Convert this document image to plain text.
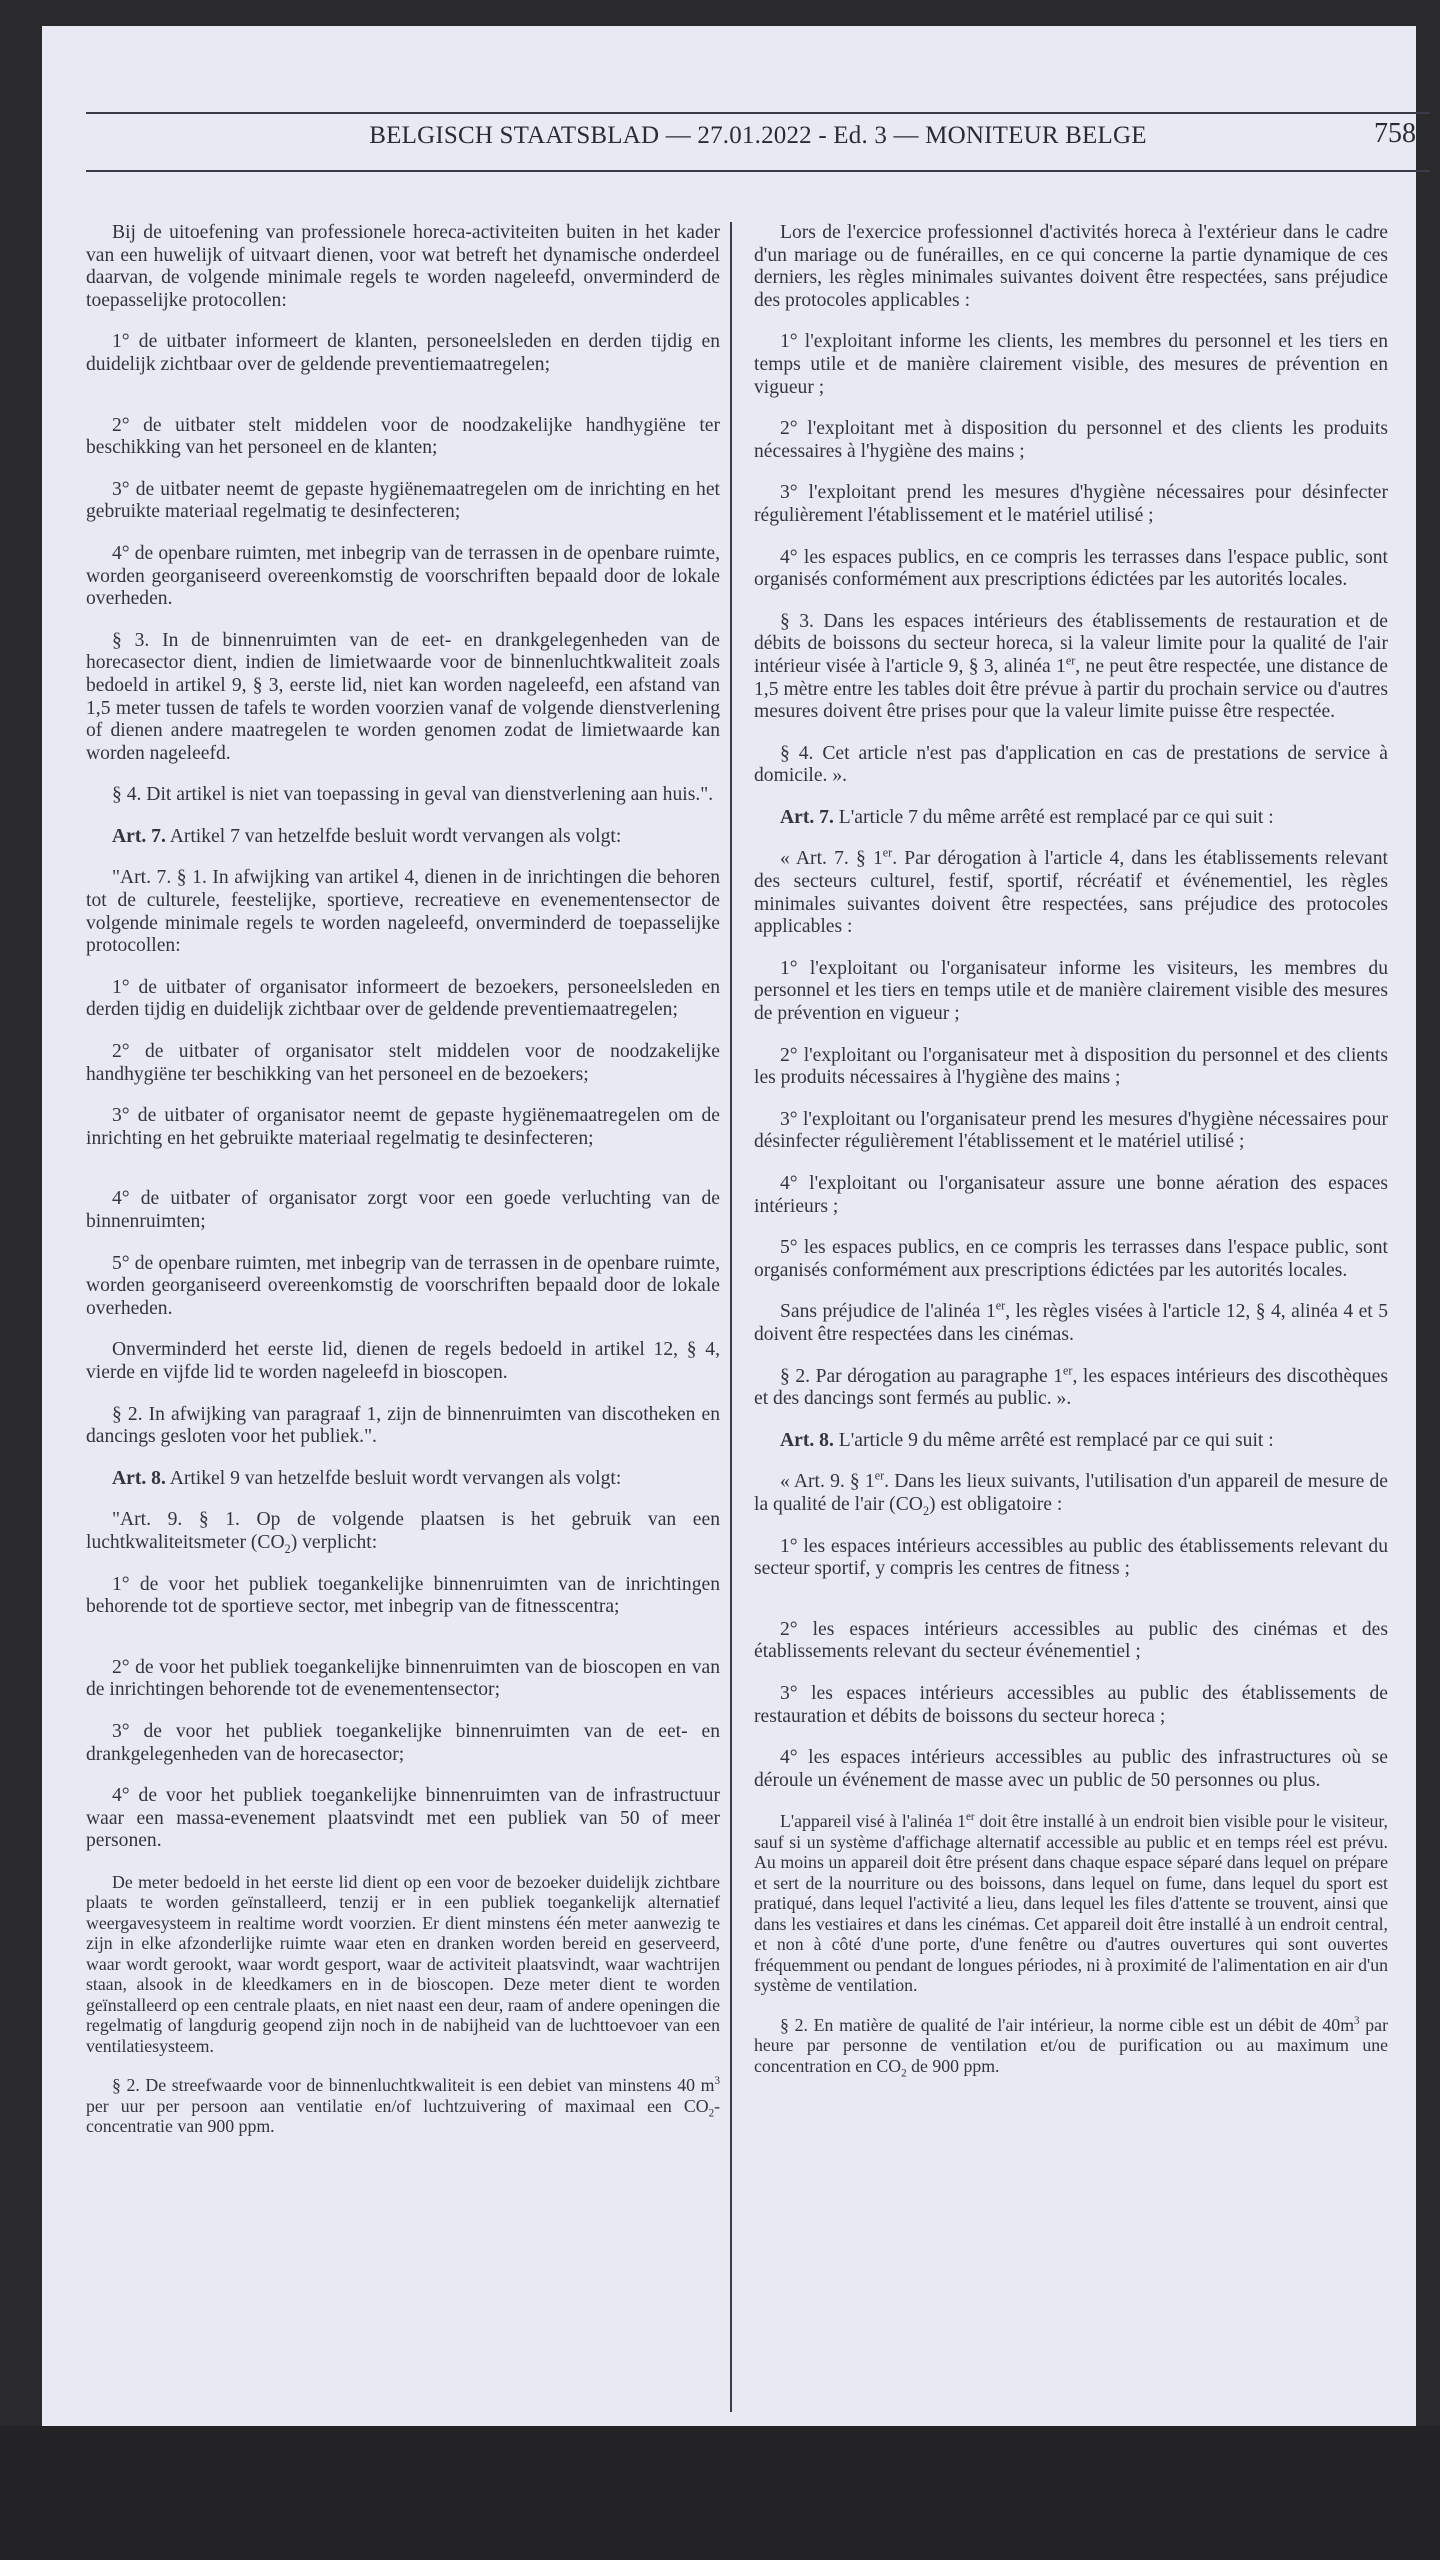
BELGISCH STAATSBLAD — 27.01.2022 - Ed. 3 — MONITEUR BELGE	7587

Bij de uitoefening van professionele horeca-activiteiten buiten in het kader van een huwelijk of uitvaart dienen, voor wat betreft het dynamische onderdeel daarvan, de volgende minimale regels te worden nageleefd, onverminderd de toepasselijke protocollen:

1° de uitbater informeert de klanten, personeelsleden en derden tijdig en duidelijk zichtbaar over de geldende preventiemaatregelen;

2° de uitbater stelt middelen voor de noodzakelijke handhygiëne ter beschikking van het personeel en de klanten;

3° de uitbater neemt de gepaste hygiënemaatregelen om de inrichting en het gebruikte materiaal regelmatig te desinfecteren;

4° de openbare ruimten, met inbegrip van de terrassen in de openbare ruimte, worden georganiseerd overeenkomstig de voorschriften bepaald door de lokale overheden.

§ 3. In de binnenruimten van de eet- en drankgelegenheden van de horecasector dient, indien de limietwaarde voor de binnenluchtkwaliteit zoals bedoeld in artikel 9, § 3, eerste lid, niet kan worden nageleefd, een afstand van 1,5 meter tussen de tafels te worden voorzien vanaf de volgende dienstverlening of dienen andere maatregelen te worden genomen zodat de limietwaarde kan worden nageleefd.

§ 4. Dit artikel is niet van toepassing in geval van dienstverlening aan huis.".

Art. 7. Artikel 7 van hetzelfde besluit wordt vervangen als volgt:

"Art. 7. § 1. In afwijking van artikel 4, dienen in de inrichtingen die behoren tot de culturele, feestelijke, sportieve, recreatieve en evenementensector de volgende minimale regels te worden nageleefd, onverminderd de toepasselijke protocollen:

1° de uitbater of organisator informeert de bezoekers, personeelsleden en derden tijdig en duidelijk zichtbaar over de geldende preventiemaatregelen;

2° de uitbater of organisator stelt middelen voor de noodzakelijke handhygiëne ter beschikking van het personeel en de bezoekers;

3° de uitbater of organisator neemt de gepaste hygiënemaatregelen om de inrichting en het gebruikte materiaal regelmatig te desinfecteren;

4° de uitbater of organisator zorgt voor een goede verluchting van de binnenruimten;

5° de openbare ruimten, met inbegrip van de terrassen in de openbare ruimte, worden georganiseerd overeenkomstig de voorschriften bepaald door de lokale overheden.

Onverminderd het eerste lid, dienen de regels bedoeld in artikel 12, § 4, vierde en vijfde lid te worden nageleefd in bioscopen.

§ 2. In afwijking van paragraaf 1, zijn de binnenruimten van discotheken en dancings gesloten voor het publiek.".

Art. 8. Artikel 9 van hetzelfde besluit wordt vervangen als volgt:

"Art. 9. § 1. Op de volgende plaatsen is het gebruik van een luchtkwaliteitsmeter $(CO_2)$ verplicht:

1° de voor het publiek toegankelijke binnenruimten van de inrichtingen behorende tot de sportieve sector, met inbegrip van de fitnesscentra;

2° de voor het publiek toegankelijke binnenruimten van de bioscopen en van de inrichtingen behorende tot de evenementensector;

3° de voor het publiek toegankelijke binnenruimten van de eet- en drankgelegenheden van de horecasector;

4° de voor het publiek toegankelijke binnenruimten van de infrastructuur waar een massa-evenement plaatsvindt met een publiek van 50 of meer personen.

De meter bedoeld in het eerste lid dient op een voor de bezoeker duidelijk zichtbare plaats te worden geïnstalleerd, tenzij er in een publiek toegankelijk alternatief weergavesysteem in realtime wordt voorzien. Er dient minstens één meter aanwezig te zijn in elke afzonderlijke ruimte waar eten en dranken worden bereid en geserveerd, waar wordt gerookt, waar wordt gesport, waar de activiteit plaatsvindt, waar wachtrijen staan, alsook in de kleedkamers en in de bioscopen. Deze meter dient te worden geïnstalleerd op een centrale plaats, en niet naast een deur, raam of andere openingen die regelmatig of langdurig geopend zijn noch in de nabijheid van de luchttoevoer van een ventilatiesysteem.

§ 2. De streefwaarde voor de binnenluchtkwaliteit is een debiet van minstens 40 $m^3$ per uur per persoon aan ventilatie en/of luchtzuivering of maximaal een $CO_2$-concentratie van 900 ppm.

Lors de l'exercice professionnel d'activités horeca à l'extérieur dans le cadre d'un mariage ou de funérailles, en ce qui concerne la partie dynamique de ces derniers, les règles minimales suivantes doivent être respectées, sans préjudice des protocoles applicables :

1° l'exploitant informe les clients, les membres du personnel et les tiers en temps utile et de manière clairement visible, des mesures de prévention en vigueur ;

2° l'exploitant met à disposition du personnel et des clients les produits nécessaires à l'hygiène des mains ;

3° l'exploitant prend les mesures d'hygiène nécessaires pour désinfecter régulièrement l'établissement et le matériel utilisé ;

4° les espaces publics, en ce compris les terrasses dans l'espace public, sont organisés conformément aux prescriptions édictées par les autorités locales.

§ 3. Dans les espaces intérieurs des établissements de restauration et de débits de boissons du secteur horeca, si la valeur limite pour la qualité de l'air intérieur visée à l'article 9, § 3, alinéa 1er, ne peut être respectée, une distance de 1,5 mètre entre les tables doit être prévue à partir du prochain service ou d'autres mesures doivent être prises pour que la valeur limite puisse être respectée.

§ 4. Cet article n'est pas d'application en cas de prestations de service à domicile. ».

Art. 7. L'article 7 du même arrêté est remplacé par ce qui suit :

« Art. 7. § 1er. Par dérogation à l'article 4, dans les établissements relevant des secteurs culturel, festif, sportif, récréatif et événementiel, les règles minimales suivantes doivent être respectées, sans préjudice des protocoles applicables :

1° l'exploitant ou l'organisateur informe les visiteurs, les membres du personnel et les tiers en temps utile et de manière clairement visible des mesures de prévention en vigueur ;

2° l'exploitant ou l'organisateur met à disposition du personnel et des clients les produits nécessaires à l'hygiène des mains ;

3° l'exploitant ou l'organisateur prend les mesures d'hygiène nécessaires pour désinfecter régulièrement l'établissement et le matériel utilisé ;

4° l'exploitant ou l'organisateur assure une bonne aération des espaces intérieurs ;

5° les espaces publics, en ce compris les terrasses dans l'espace public, sont organisés conformément aux prescriptions édictées par les autorités locales.

Sans préjudice de l'alinéa 1er, les règles visées à l'article 12, § 4, alinéa 4 et 5 doivent être respectées dans les cinémas.

§ 2. Par dérogation au paragraphe 1er, les espaces intérieurs des discothèques et des dancings sont fermés au public. ».

Art. 8. L'article 9 du même arrêté est remplacé par ce qui suit :

« Art. 9. § 1er. Dans les lieux suivants, l'utilisation d'un appareil de mesure de la qualité de l'air $(CO_2)$ est obligatoire :

1° les espaces intérieurs accessibles au public des établissements relevant du secteur sportif, y compris les centres de fitness ;

2° les espaces intérieurs accessibles au public des cinémas et des établissements relevant du secteur événementiel ;

3° les espaces intérieurs accessibles au public des établissements de restauration et débits de boissons du secteur horeca ;

4° les espaces intérieurs accessibles au public des infrastructures où se déroule un événement de masse avec un public de 50 personnes ou plus.

L'appareil visé à l'alinéa 1er doit être installé à un endroit bien visible pour le visiteur, sauf si un système d'affichage alternatif accessible au public et en temps réel est prévu. Au moins un appareil doit être présent dans chaque espace séparé dans lequel on prépare et sert de la nourriture ou des boissons, dans lequel on fume, dans lequel du sport est pratiqué, dans lequel l'activité a lieu, dans lequel les files d'attente se trouvent, ainsi que dans les vestiaires et dans les cinémas. Cet appareil doit être installé à un endroit central, et non à côté d'une porte, d'une fenêtre ou d'autres ouvertures qui sont ouvertes fréquemment ou pendant de longues périodes, ni à proximité de l'alimentation en air d'un système de ventilation.

§ 2. En matière de qualité de l'air intérieur, la norme cible est un débit de $40m^3$ par heure par personne de ventilation et/ou de purification ou au maximum une concentration en $CO_2$ de 900 ppm.
